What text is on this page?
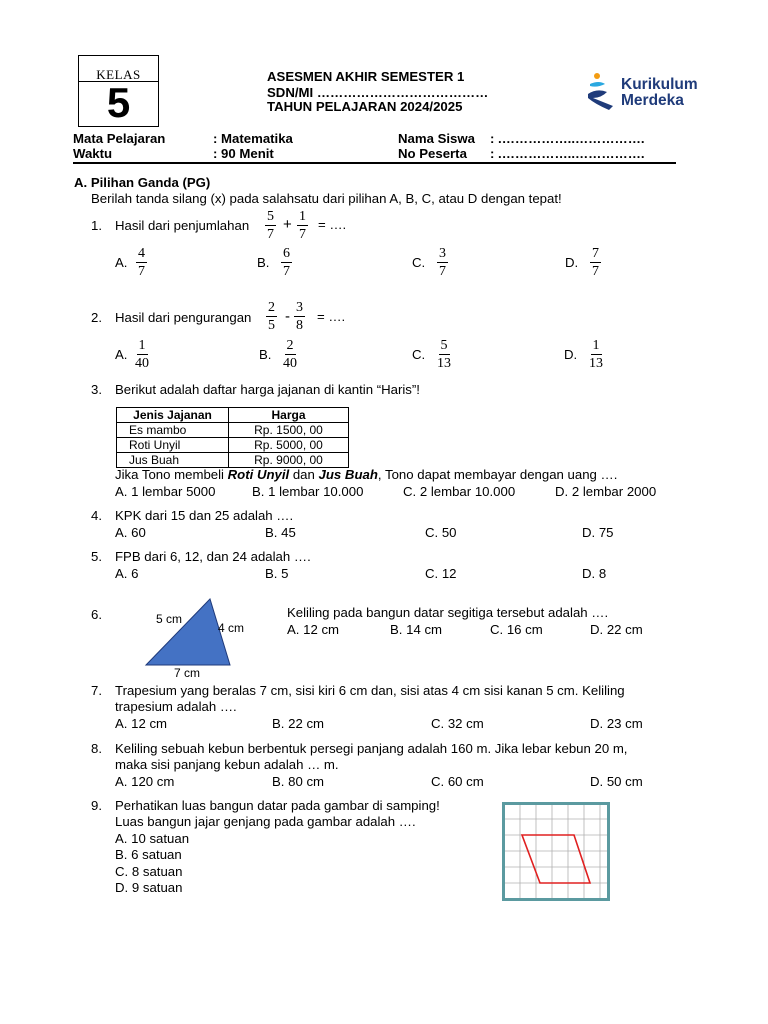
KELAS
5
ASESMEN AKHIR SEMESTER 1
SDN/MI …………………………………
TAHUN PELAJARAN 2024/2025
Kurikulum
Merdeka
Mata Pelajaran	: Matematika	Nama Siswa : .……………..…………….
Waktu	: 90 Menit	No Peserta : .……………..…………….
A. Pilihan Ganda (PG)
Berilah tanda silang (x) pada salahsatu dari pilihan A, B, C, atau D dengan tepat!
1. Hasil dari penjumlahan $\frac{5}{7} + \frac{1}{7}$ = ….
A. $\frac{4}{7}$	B. $\frac{6}{7}$	C. $\frac{3}{7}$	D. $\frac{7}{7}$
2. Hasil dari pengurangan $\frac{2}{5} - \frac{3}{8}$ = ….
A. $\frac{1}{40}$	B. $\frac{2}{40}$	C. $\frac{5}{13}$	D. $\frac{1}{13}$
3. Berikut adalah daftar harga jajanan di kantin “Haris”!
Jenis Jajanan	Harga
Es mambo	Rp. 1500, 00
Roti Unyil	Rp. 5000, 00
Jus Buah	Rp. 9000, 00
Jika Tono membeli Roti Unyil dan Jus Buah, Tono dapat membayar dengan uang ….
A. 1 lembar 5000	B. 1 lembar 10.000	C. 2 lembar 10.000	D. 2 lembar 2000
4. KPK dari 15 dan 25 adalah ….
A. 60	B. 45	C. 50	D. 75
5. FPB dari 6, 12, dan 24 adalah ….
A. 6	B. 5	C. 12	D. 8
6.	5 cm
4 cm
7 cm
Keliling pada bangun datar segitiga tersebut adalah ….
A. 12 cm	B. 14 cm	C. 16 cm	D. 22 cm
7. Trapesium yang beralas 7 cm, sisi kiri 6 cm dan, sisi atas 4 cm sisi kanan 5 cm. Keliling
trapesium adalah ….
A. 12 cm	B. 22 cm	C. 32 cm	D. 23 cm
8. Keliling sebuah kebun berbentuk persegi panjang adalah 160 m. Jika lebar kebun 20 m,
maka sisi panjang kebun adalah … m.
A. 120 cm	B. 80 cm	C. 60 cm	D. 50 cm
9. Perhatikan luas bangun datar pada gambar di samping!
Luas bangun jajar genjang pada gambar adalah ….
A. 10 satuan
B. 6 satuan
C. 8 satuan
D. 9 satuan
